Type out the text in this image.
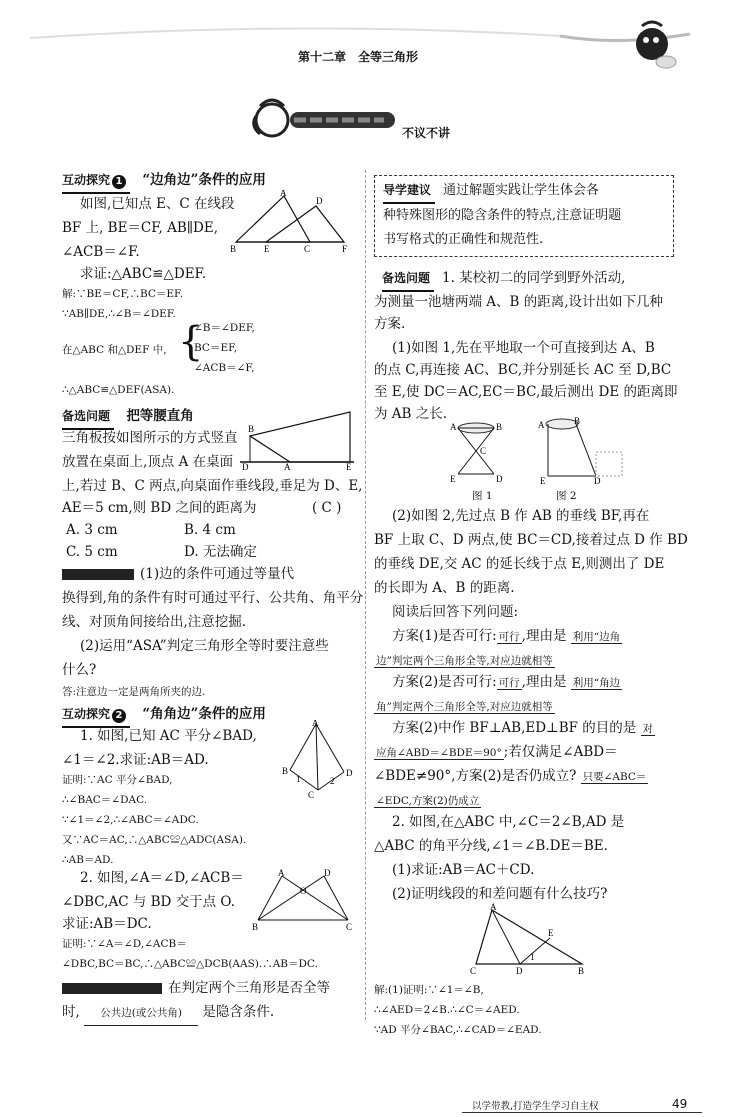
第十二章　全等三角形
不议不讲
互动探究 1 “边角边”条件的应用
如图,已知点 E、C 在线段
BF 上, BE＝CF, AB∥DE,
∠ACB＝∠F.
求证:△ABC≌△DEF.
B	E	C	F
A
D
解:∵BE＝CF,∴BC＝EF.
∵AB∥DE,∴∠B＝∠DEF.
在△ABC 和△DEF 中, {
∠B＝∠DEF,
BC＝EF,
∠ACB＝∠F,
∴△ABC≌△DEF(ASA).
备选问题 把等腰直角
B
A	E
D
三角板按如图所示的方式竖直
放置在桌面上,顶点 A 在桌面
上,若过 B、C 两点,向桌面作垂线段,垂足为 D、E,
AE＝5 cm,则 BD 之间的距离为	( C )
A. 3 cm	B. 4 cm
C. 5 cm	D. 无法确定
(1)边的条件可通过等量代
换得到,角的条件有时可通过平行、公共角、角平分
线、对顶角间接给出,注意挖掘.
(2)运用“ASA”判定三角形全等时要注意些
什么?
答:注意边一定是两角所夹的边.
互动探究 2 “角角边”条件的应用
1. 如图,已知 AC 平分∠BAD,
∠1＝∠2.求证:AB＝AD.
A
B	D
C
1	2
证明:∵AC 平分∠BAD,
∴∠BAC＝∠DAC.
∵∠1＝∠2,∴∠ABC＝∠ADC.
又∵AC＝AC,∴△ABC≌△ADC(ASA).
∴AB＝AD.
2. 如图,∠A＝∠D,∠ACB＝
∠DBC,AC 与 BD 交于点 O.
求证:AB＝DC.
A	D
B	C
O
证明:∵∠A＝∠D,∠ACB＝
∠DBC,BC＝BC,∴△ABC≌△DCB(AAS).∴AB＝DC.
在判定两个三角形是否全等
时, 公共边(或公共角) 是隐含条件.
导学建议 通过解题实践让学生体会各
种特殊图形的隐含条件的特点,注意证明题
书写格式的正确性和规范性.
备选问题 1. 某校初二的同学到野外活动,
为测量一池塘两端 A、B 的距离,设计出如下几种
方案.
(1)如图 1,先在平地取一个可直接到达 A、B
的点 C,再连接 AC、BC,并分别延长 AC 至 D,BC
至 E,使 DC＝AC,EC＝BC,最后测出 DE 的距离即
为 AB 之长.
A	B
E	D
C
图 1
A	B
D
E
图 2
(2)如图 2,先过点 B 作 AB 的垂线 BF,再在
BF 上取 C、D 两点,使 BC＝CD,接着过点 D 作 BD
的垂线 DE,交 AC 的延长线于点 E,则测出了 DE
的长即为 A、B 的距离.
阅读后回答下列问题:
方案(1)是否可行: 可行 ,理由是 利用“边角
边”判定两个三角形全等,对应边就相等
方案(2)是否可行: 可行 ,理由是 利用“角边
角”判定两个三角形全等,对应边就相等
方案(2)中作 BF⊥AB,ED⊥BF 的目的是 对
应角∠ABD＝∠BDE＝90° ;若仅满足∠ABD＝
∠BDE≠90°,方案(2)是否仍成立? 只要∠ABC＝
∠EDC,方案(2)仍成立
2. 如图,在△ABC 中,∠C＝2∠B,AD 是
△ABC 的角平分线,∠1＝∠B.DE＝BE.
(1)求证:AB＝AC＋CD.
(2)证明线段的和差问题有什么技巧?
A
C	D	B
E
1
解:(1)证明:∵∠1＝∠B,
∴∠AED＝2∠B.∴∠C＝∠AED.
∵AD 平分∠BAC,∴∠CAD＝∠EAD.
以学带教,打造学生学习自主权	49
